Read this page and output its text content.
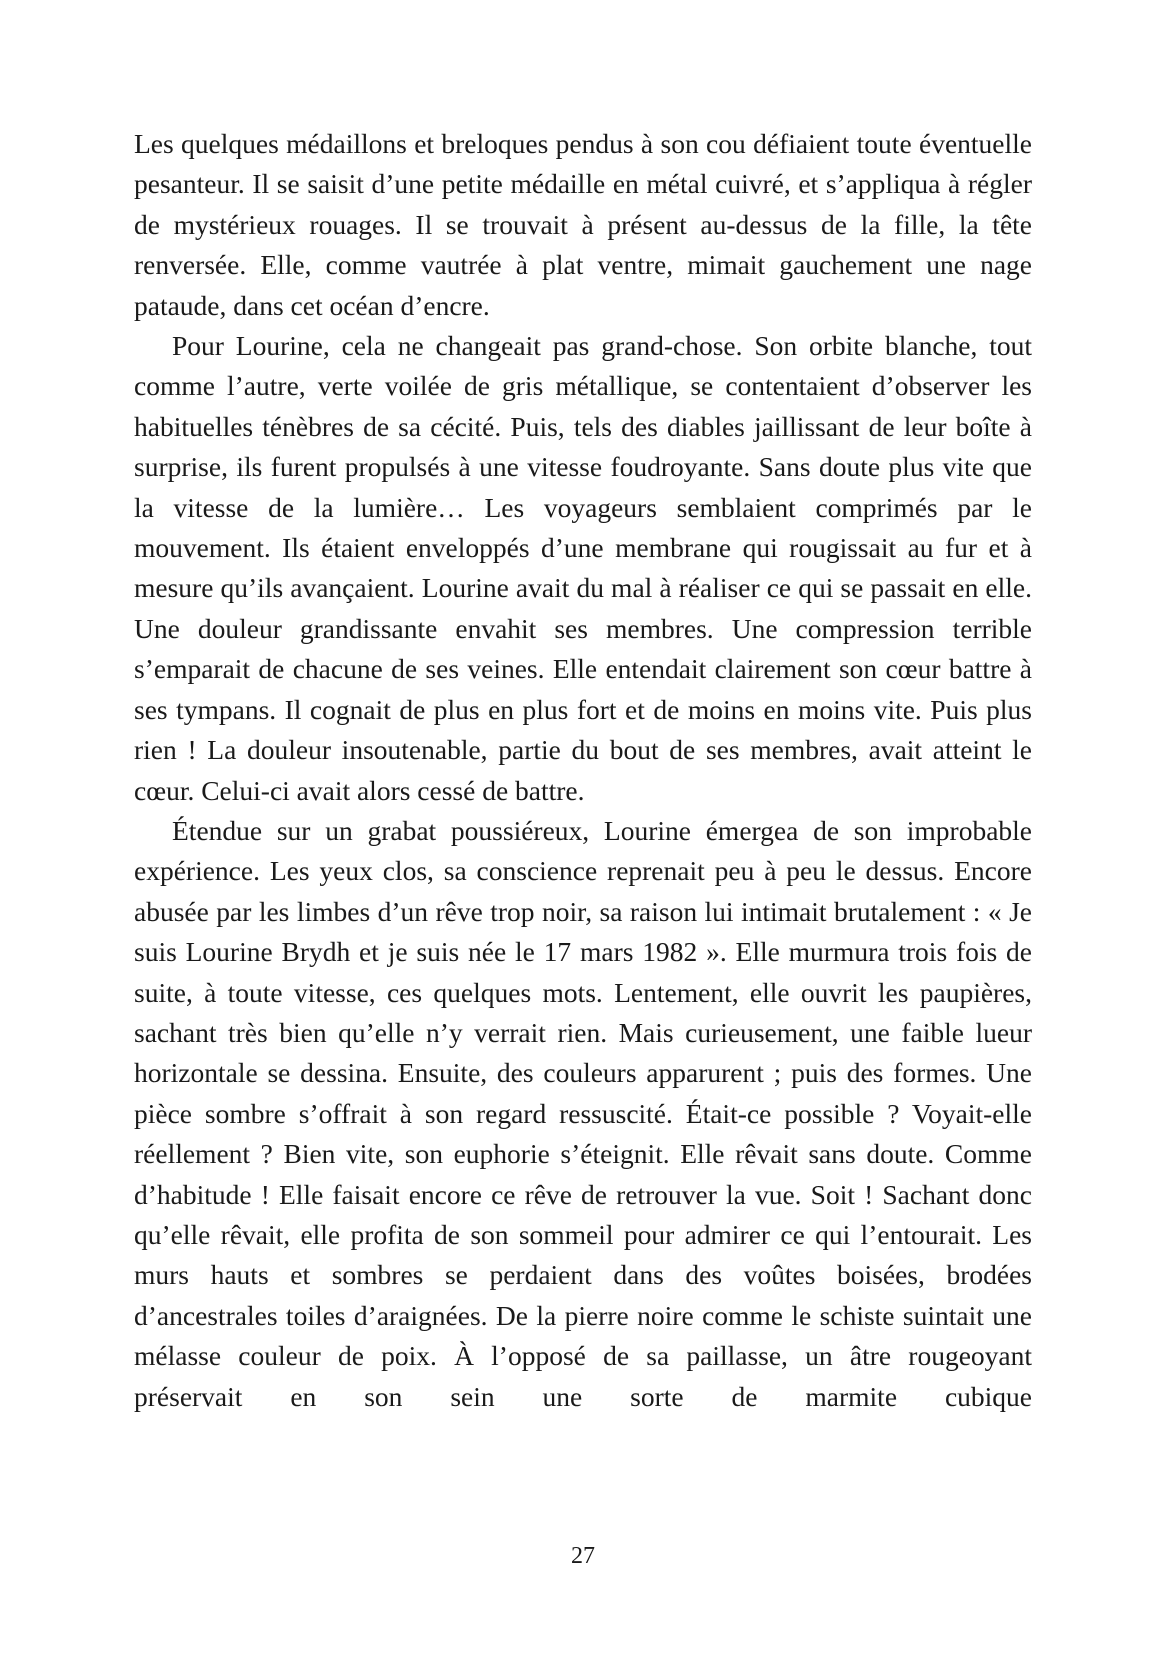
Les quelques médaillons et breloques pendus à son cou défiaient toute éventuelle pesanteur. Il se saisit d’une petite médaille en métal cuivré, et s’appliqua à régler de mystérieux rouages. Il se trouvait à présent au-dessus de la fille, la tête renversée. Elle, comme vautrée à plat ventre, mimait gauchement une nage pataude, dans cet océan d’encre.

Pour Lourine, cela ne changeait pas grand-chose. Son orbite blanche, tout comme l’autre, verte voilée de gris métallique, se contentaient d’observer les habituelles ténèbres de sa cécité. Puis, tels des diables jaillissant de leur boîte à surprise, ils furent propulsés à une vitesse foudroyante. Sans doute plus vite que la vitesse de la lumière… Les voyageurs semblaient comprimés par le mouvement. Ils étaient enveloppés d’une membrane qui rougissait au fur et à mesure qu’ils avançaient. Lourine avait du mal à réaliser ce qui se passait en elle. Une douleur grandissante envahit ses membres. Une compression terrible s’emparait de chacune de ses veines. Elle entendait clairement son cœur battre à ses tympans. Il cognait de plus en plus fort et de moins en moins vite. Puis plus rien ! La douleur insoutenable, partie du bout de ses membres, avait atteint le cœur. Celui-ci avait alors cessé de battre.

Étendue sur un grabat poussiéreux, Lourine émergea de son improbable expérience. Les yeux clos, sa conscience reprenait peu à peu le dessus. Encore abusée par les limbes d’un rêve trop noir, sa raison lui intimait brutalement : « Je suis Lourine Brydh et je suis née le 17 mars 1982 ». Elle murmura trois fois de suite, à toute vitesse, ces quelques mots. Lentement, elle ouvrit les paupières, sachant très bien qu’elle n’y verrait rien. Mais curieusement, une faible lueur horizontale se dessina. Ensuite, des couleurs apparurent ; puis des formes. Une pièce sombre s’offrait à son regard ressuscité. Était-ce possible ? Voyait-elle réellement ? Bien vite, son euphorie s’éteignit. Elle rêvait sans doute. Comme d’habitude ! Elle faisait encore ce rêve de retrouver la vue. Soit ! Sachant donc qu’elle rêvait, elle profita de son sommeil pour admirer ce qui l’entourait. Les murs hauts et sombres se perdaient dans des voûtes boisées, brodées d’ancestrales toiles d’araignées. De la pierre noire comme le schiste suintait une mélasse couleur de poix. À l’opposé de sa paillasse, un âtre rougeoyant préservait en son sein une sorte de marmite cubique

27
